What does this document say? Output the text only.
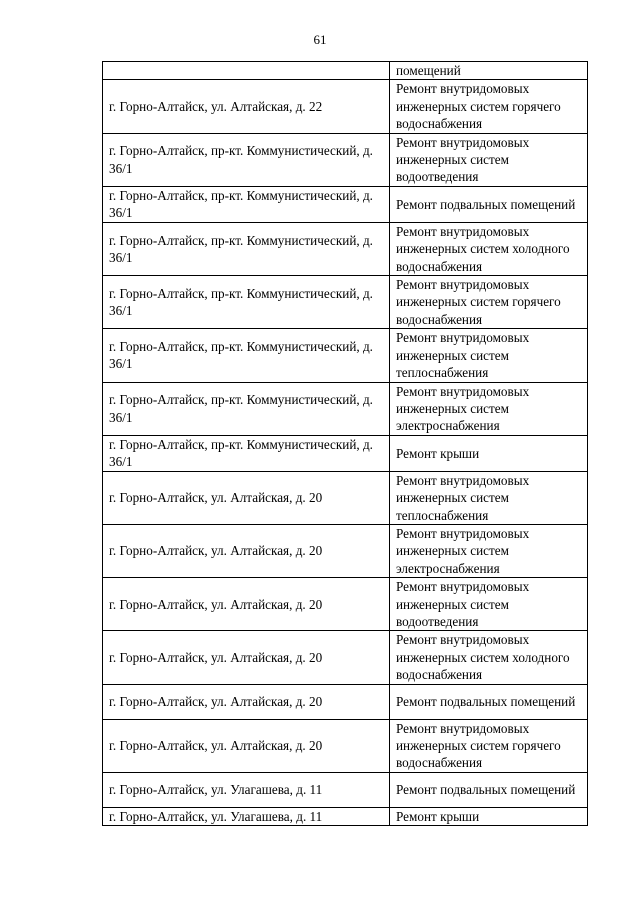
61
	помещений
г. Горно-Алтайск, ул. Алтайская, д. 22	Ремонт внутридомовых инженерных систем горячего водоснабжения
г. Горно-Алтайск, пр-кт. Коммунистический, д. 36/1	Ремонт внутридомовых инженерных систем водоотведения
г. Горно-Алтайск, пр-кт. Коммунистический, д. 36/1	Ремонт подвальных помещений
г. Горно-Алтайск, пр-кт. Коммунистический, д. 36/1	Ремонт внутридомовых инженерных систем холодного водоснабжения
г. Горно-Алтайск, пр-кт. Коммунистический, д. 36/1	Ремонт внутридомовых инженерных систем горячего водоснабжения
г. Горно-Алтайск, пр-кт. Коммунистический, д. 36/1	Ремонт внутридомовых инженерных систем теплоснабжения
г. Горно-Алтайск, пр-кт. Коммунистический, д. 36/1	Ремонт внутридомовых инженерных систем электроснабжения
г. Горно-Алтайск, пр-кт. Коммунистический, д. 36/1	Ремонт крыши
г. Горно-Алтайск, ул. Алтайская, д. 20	Ремонт внутридомовых инженерных систем теплоснабжения
г. Горно-Алтайск, ул. Алтайская, д. 20	Ремонт внутридомовых инженерных систем электроснабжения
г. Горно-Алтайск, ул. Алтайская, д. 20	Ремонт внутридомовых инженерных систем водоотведения
г. Горно-Алтайск, ул. Алтайская, д. 20	Ремонт внутридомовых инженерных систем холодного водоснабжения
г. Горно-Алтайск, ул. Алтайская, д. 20	Ремонт подвальных помещений
г. Горно-Алтайск, ул. Алтайская, д. 20	Ремонт внутридомовых инженерных систем горячего водоснабжения
г. Горно-Алтайск, ул. Улагашева, д. 11	Ремонт подвальных помещений
г. Горно-Алтайск, ул. Улагашева, д. 11	Ремонт крыши
